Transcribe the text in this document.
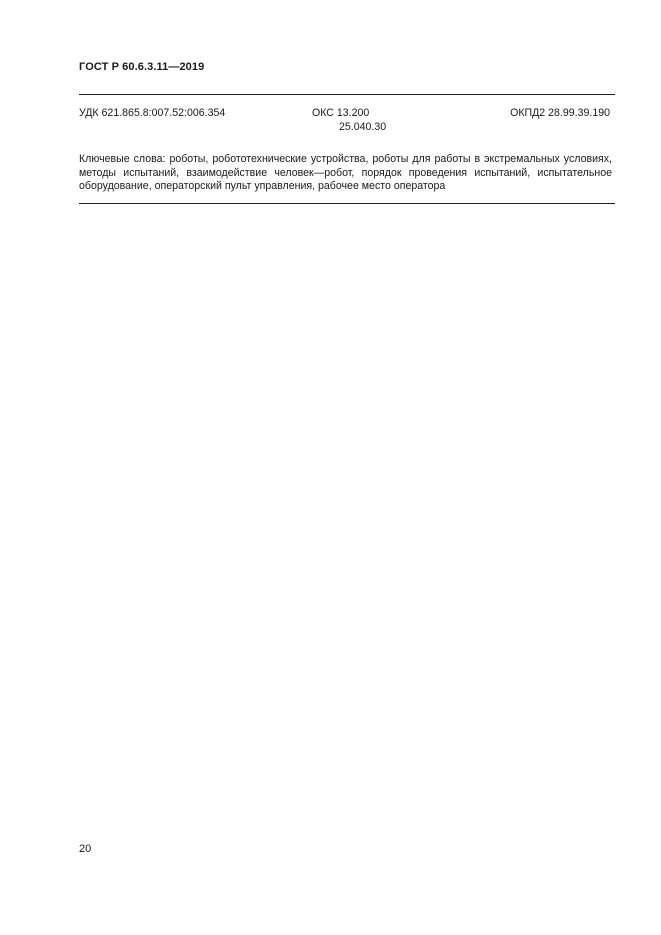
ГОСТ Р 60.6.3.11—2019
УДК 621.865.8:007.52:006.354	ОКС 13.200
25.040.30
ОКПД2 28.99.39.190
Ключевые слова: роботы, робототехнические устройства, роботы для работы в экстремальных условиях, методы испытаний, взаимодействие человек—робот, порядок проведения испытаний, испытательное оборудование, операторский пульт управления, рабочее место оператора
20
